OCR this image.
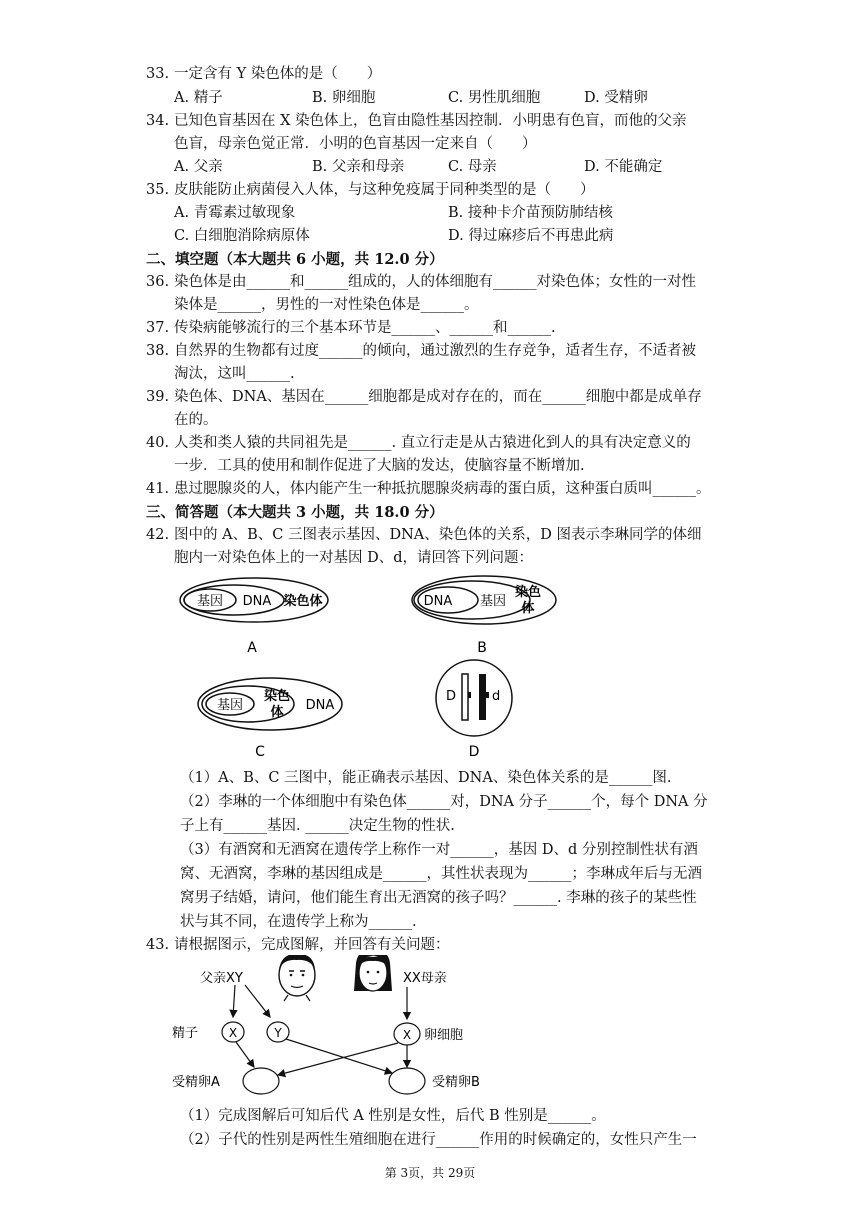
33. 一定含有 Y 染色体的是（　　）
A. 精子	B. 卵细胞	C. 男性肌细胞	D. 受精卵
34. 已知色盲基因在 X 染色体上，色盲由隐性基因控制．小明患有色盲，而他的父亲
色盲，母亲色觉正常．小明的色盲基因一定来自（　　）
A. 父亲	B. 父亲和母亲	C. 母亲	D. 不能确定
35. 皮肤能防止病菌侵入人体，与这种免疫属于同种类型的是（　　）
A. 青霉素过敏现象	B. 接种卡介苗预防肺结核
C. 白细胞消除病原体	D. 得过麻疹后不再患此病
二、填空题（本大题共 6 小题，共 12.0 分）
36. 染色体是由______和______组成的，人的体细胞有______对染色体；女性的一对性
染体是______，男性的一对性染色体是______。
37. 传染病能够流行的三个基本环节是______、______和______.
38. 自然界的生物都有过度______的倾向，通过激烈的生存竞争，适者生存，不适者被
淘汰，这叫______.
39. 染色体、DNA、基因在______细胞都是成对存在的，而在______细胞中都是成单存
在的。
40. 人类和类人猿的共同祖先是______. 直立行走是从古猿进化到人的具有决定意义的
一步．工具的使用和制作促进了大脑的发达，使脑容量不断增加.
41. 患过腮腺炎的人，体内能产生一种抵抗腮腺炎病毒的蛋白质，这种蛋白质叫______。
三、简答题（本大题共 3 小题，共 18.0 分）
42. 图中的 A、B、C 三图表示基因、DNA、染色体的关系，D 图表示李琳同学的体细
胞内一对染色体上的一对基因 D、d，请回答下列问题：
基因 DNA 染色体
A
DNA 基因
染色
体
B
基因
染色
体 DNA
C
D	d
D
（1）A、B、C 三图中，能正确表示基因、DNA、染色体关系的是______图.
（2）李琳的一个体细胞中有染色体______对，DNA 分子______个，每个 DNA 分
子上有______基因. ______决定生物的性状.
（3）有酒窝和无酒窝在遗传学上称作一对______，基因 D、d 分别控制性状有酒
窝、无酒窝，李琳的基因组成是______，其性状表现为______；李琳成年后与无酒
窝男子结婚，请问，他们能生育出无酒窝的孩子吗？______. 李琳的孩子的某些性
状与其不同，在遗传学上称为______.
43. 请根据图示，完成图解，并回答有关问题：
父亲XY	XX母亲
精子	X	Y	X 卵细胞
受精卵A	受精卵B
（1）完成图解后可知后代 A 性别是女性，后代 B 性别是______。
（2）子代的性别是两性生殖细胞在进行______作用的时候确定的，女性只产生一
第 3页，共 29页
